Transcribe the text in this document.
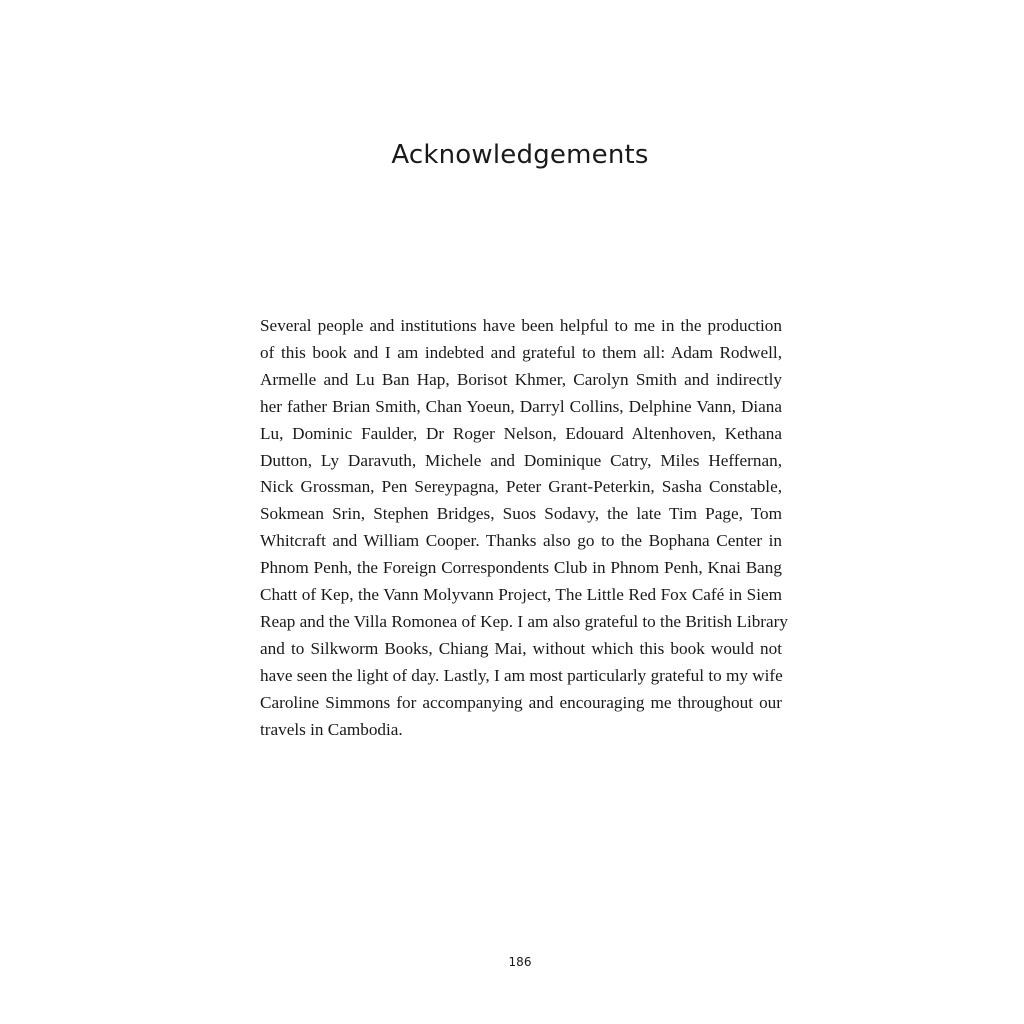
Acknowledgements

Several people and institutions have been helpful to me in the production
of this book and I am indebted and grateful to them all: Adam Rodwell,
Armelle and Lu Ban Hap, Borisot Khmer, Carolyn Smith and indirectly
her father Brian Smith, Chan Yoeun, Darryl Collins, Delphine Vann, Diana
Lu, Dominic Faulder, Dr Roger Nelson, Edouard Altenhoven, Kethana
Dutton, Ly Daravuth, Michele and Dominique Catry, Miles Heffernan,
Nick Grossman, Pen Sereypagna, Peter Grant-Peterkin, Sasha Constable,
Sokmean Srin, Stephen Bridges, Suos Sodavy, the late Tim Page, Tom
Whitcraft and William Cooper. Thanks also go to the Bophana Center in
Phnom Penh, the Foreign Correspondents Club in Phnom Penh, Knai Bang
Chatt of Kep, the Vann Molyvann Project, The Little Red Fox Café in Siem
Reap and the Villa Romonea of Kep. I am also grateful to the British Library
and to Silkworm Books, Chiang Mai, without which this book would not
have seen the light of day. Lastly, I am most particularly grateful to my wife
Caroline Simmons for accompanying and encouraging me throughout our
travels in Cambodia.

186
